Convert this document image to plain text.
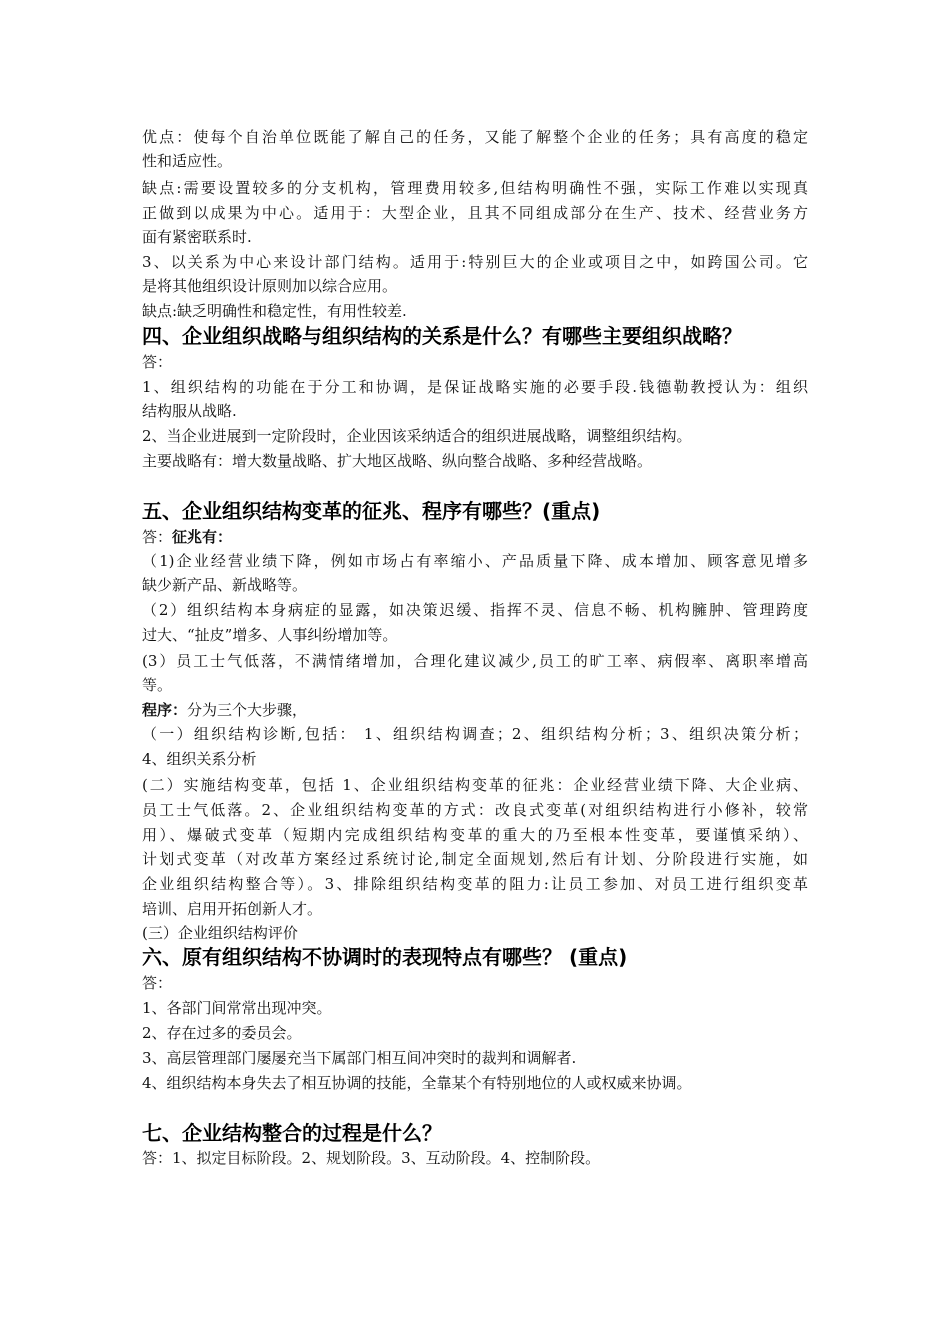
优点：使每个自治单位既能了解自己的任务，又能了解整个企业的任务；具有高度的稳定
性和适应性。
缺点:需要设置较多的分支机构，管理费用较多,但结构明确性不强，实际工作难以实现真
正做到以成果为中心。适用于：大型企业，且其不同组成部分在生产、技术、经营业务方
面有紧密联系时.
3、以关系为中心来设计部门结构。适用于:特别巨大的企业或项目之中，如跨国公司。它
是将其他组织设计原则加以综合应用。
缺点:缺乏明确性和稳定性，有用性较差.
四、企业组织战略与组织结构的关系是什么？有哪些主要组织战略？
答：
1、组织结构的功能在于分工和协调，是保证战略实施的必要手段.钱德勒教授认为：组织
结构服从战略.
2、当企业进展到一定阶段时，企业因该采纳适合的组织进展战略，调整组织结构。
主要战略有：增大数量战略、扩大地区战略、纵向整合战略、多种经营战略。
五、企业组织结构变革的征兆、程序有哪些？(重点)
答：征兆有：
（1)企业经营业绩下降，例如市场占有率缩小、产品质量下降、成本增加、顾客意见增多
缺少新产品、新战略等。
（2）组织结构本身病症的显露，如决策迟缓、指挥不灵、信息不畅、机构臃肿、管理跨度
过大、“扯皮”增多、人事纠纷增加等。
(3）员工士气低落，不满情绪增加，合理化建议减少,员工的旷工率、病假率、离职率增高
等。
程序：分为三个大步骤，
（一）组织结构诊断,包括： 1、组织结构调查；2、组织结构分析；3、组织决策分析；
4、组织关系分析
(二）实施结构变革，包括 1、企业组织结构变革的征兆：企业经营业绩下降、大企业病、
员工士气低落。2、企业组织结构变革的方式：改良式变革(对组织结构进行小修补，较常
用）、爆破式变革（短期内完成组织结构变革的重大的乃至根本性变革，要谨慎采纳）、
计划式变革（对改革方案经过系统讨论,制定全面规划,然后有计划、分阶段进行实施，如
企业组织结构整合等）。3、排除组织结构变革的阻力:让员工参加、对员工进行组织变革
培训、启用开拓创新人才。
(三）企业组织结构评价
六、原有组织结构不协调时的表现特点有哪些？ (重点)
答：
1、各部门间常常出现冲突。
2、存在过多的委员会。
3、高层管理部门屡屡充当下属部门相互间冲突时的裁判和调解者.
4、组织结构本身失去了相互协调的技能，全靠某个有特别地位的人或权威来协调。
七、企业结构整合的过程是什么？
答：1、拟定目标阶段。2、规划阶段。3、互动阶段。4、控制阶段。
